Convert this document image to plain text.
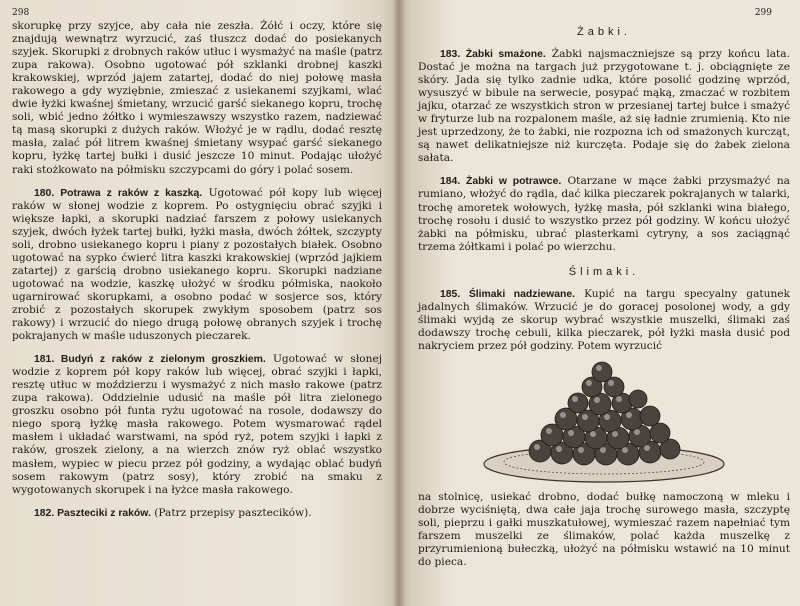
298

skorupkę przy szyjce, aby cała nie zeszła. Żółć i oczy, które się znajdują wewnątrz wyrzucić, zaś tłuszcz dodać do posiekanych szyjek. Skorupki z drobnych raków utłuc i wysmażyć na maśle (patrz zupa rakowa). Osobno ugotować pół szklanki drobnej kaszki krakowskiej, wprzód jajem zatartej, dodać do niej połowę masła rakowego a gdy wyziębnie, zmieszać z usiekanemi szyjkami, wlać dwie łyżki kwaśnej śmietany, wrzucić garść siekanego kopru, trochę soli, wbić jedno żółtko i wymieszawszy wszystko razem, nadziewać tą masą skorupki z dużych raków. Włożyć je w rądlu, dodać resztę masła, zalać pół litrem kwaśnej śmietany wsypać garść siekanego kopru, łyżkę tartej bułki i dusić jeszcze 10 minut. Podając ułożyć raki stożkowato na półmisku szczypcami do góry i polać sosem.

180. Potrawa z raków z kaszką. Ugotować pół kopy lub więcej raków w słonej wodzie z koprem. Po ostygnięciu obrać szyjki i większe łapki, a skorupki nadziać farszem z połowy usiekanych szyjek, dwóch łyżek tartej bułki, łyżki masła, dwóch żółtek, szczypty soli, drobno usiekanego kopru i piany z pozostałych białek. Osobno ugotować na sypko ćwierć litra kaszki krakowskiej (wprzód jajkiem zatartej) z garścią drobno usiekanego kopru. Skorupki nadziane ugotować na wodzie, kaszkę ułożyć w środku półmiska, naokoło ugarnirować skorupkami, a osobno podać w sosjerce sos, który zrobić z pozostałych skorupek zwykłym sposobem (patrz sos rakowy) i wrzucić do niego drugą połowę obranych szyjek i trochę pokrajanych w maśle uduszonych pieczarek.

181. Budyń z raków z zielonym groszkiem. Ugotować w słonej wodzie z koprem pół kopy raków lub więcej, obrać szyjki i łapki, resztę utłuc w moździerzu i wysmażyć z nich masło rakowe (patrz zupa rakowa). Oddzielnie udusić na maśle pół litra zielonego groszku osobno pół funta ryżu ugotować na rosole, dodawszy do niego sporą łyżkę masła rakowego. Potem wysmarować rądel masłem i układać warstwami, na spód ryż, potem szyjki i łapki z raków, groszek zielony, a na wierzch znów ryż oblać wszystko masłem, wypiec w piecu przez pół godziny, a wydając oblać budyń sosem rakowym (patrz sosy), który zrobić na smaku z wygotowanych skorupek i na łyżce masła rakowego.

182. Paszteciki z raków. (Patrz przepisy pasztecików).

299
Żabki.

183. Żabki smażone. Żabki najsmaczniejsze są przy końcu lata. Dostać je można na targach już przygotowane t. j. obciągnięte ze skóry. Jada się tylko zadnie udka, które posolić godzinę wprzód, wysuszyć w bibule na serwecie, posypać mąką, zmaczać w rozbitem jajku, otarzać ze wszystkich stron w przesianej tartej bułce i smażyć w fryturze lub na rozpalonem maśle, aż się ładnie zrumienią. Kto nie jest uprzedzony, że to żabki, nie rozpozna ich od smażonych kurcząt, są nawet delikatniejsze niż kurczęta. Podaje się do żabek zielona sałata.

184. Żabki w potrawce. Otarzane w mące żabki przysmażyć na rumiano, włożyć do rądla, dać kilka pieczarek pokrajanych w talarki, trochę amoretek wołowych, łyżkę masła, pół szklanki wina białego, trochę rosołu i dusić to wszystko przez pół godziny. W końcu ułożyć żabki na półmisku, ubrać plasterkami cytryny, a sos zaciągnąć trzema żółtkami i polać po wierzchu.

Ślimaki.

185. Ślimaki nadziewane. Kupić na targu specyalny gatunek jadalnych ślimaków. Wrzucić je do goracej posolonej wody, a gdy ślimaki wyjdą ze skorup wybrać wszystkie muszelki, ślimaki zaś dodawszy trochę cebuli, kilka pieczarek, pół łyżki masła dusić pod nakryciem przez pół godziny. Potem wyrzucić

na stolnicę, usiekać drobno, dodać bułkę namoczoną w mleku i dobrze wyciśniętą, dwa całe jaja trochę surowego masła, szczyptę soli, pieprzu i gałki muszkatułowej, wymieszać razem napełniać tym farszem muszelki ze ślimaków, polać każda muszelkę z przyrumienioną bułeczką, ułożyć na półmisku wstawić na 10 minut do pieca.
